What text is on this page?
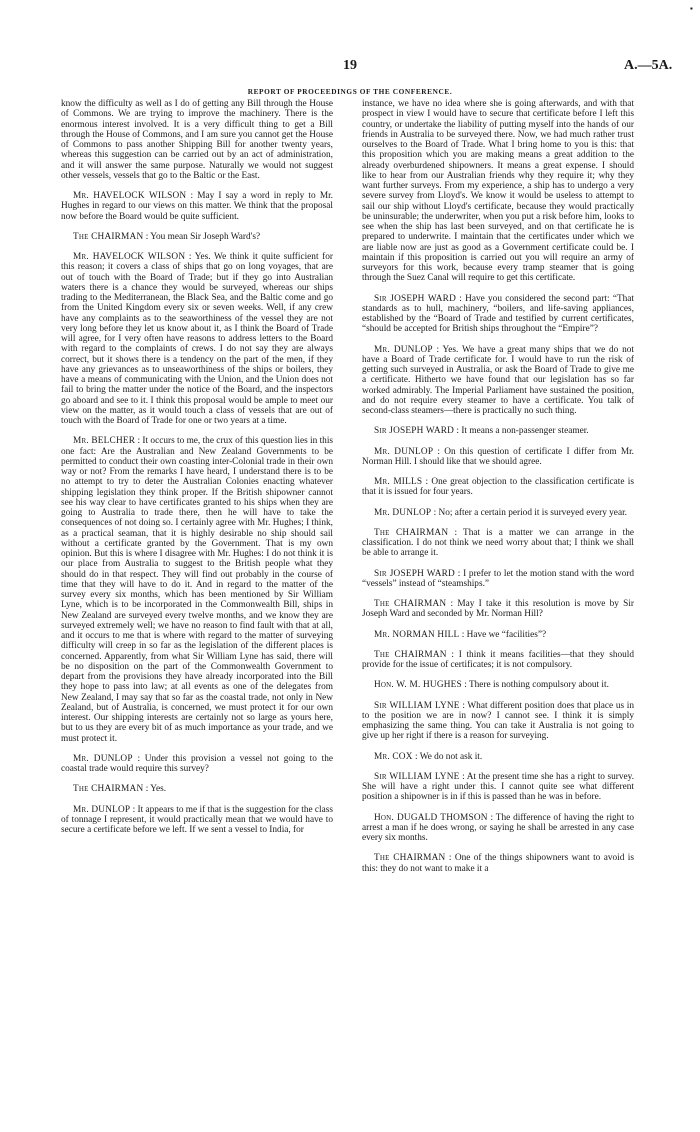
▪
19	A.—5A.
REPORT OF PROCEEDINGS OF THE CONFERENCE.

know the difficulty as well as I do of getting any Bill through the House of Commons. We are trying to improve the machinery. There is the enormous interest involved. It is a very difficult thing to get a Bill through the House of Commons, and I am sure you cannot get the House of Commons to pass another Shipping Bill for another twenty years, whereas this suggestion can be carried out by an act of administration, and it will answer the same purpose. Naturally we would not suggest other vessels, vessels that go to the Baltic or the East.

Mr. HAVELOCK WILSON : May I say a word in reply to Mr. Hughes in regard to our views on this matter. We think that the proposal now before the Board would be quite sufficient.

The CHAIRMAN : You mean Sir Joseph Ward's?

Mr. HAVELOCK WILSON : Yes. We think it quite sufficient for this reason; it covers a class of ships that go on long voyages, that are out of touch with the Board of Trade; but if they go into Australian waters there is a chance they would be surveyed, whereas our ships trading to the Mediterranean, the Black Sea, and the Baltic come and go from the United Kingdom every six or seven weeks. Well, if any crew have any complaints as to the seaworthiness of the vessel they are not very long before they let us know about it, as I think the Board of Trade will agree, for I very often have reasons to address letters to the Board with regard to the complaints of crews. I do not say they are always correct, but it shows there is a tendency on the part of the men, if they have any grievances as to unseaworthiness of the ships or boilers, they have a means of communicating with the Union, and the Union does not fail to bring the matter under the notice of the Board, and the inspectors go aboard and see to it. I think this proposal would be ample to meet our view on the matter, as it would touch a class of vessels that are out of touch with the Board of Trade for one or two years at a time.

Mr. BELCHER : It occurs to me, the crux of this question lies in this one fact: Are the Australian and New Zealand Governments to be permitted to conduct their own coasting inter-Colonial trade in their own way or not? From the remarks I have heard, I understand there is to be no attempt to try to deter the Australian Colonies enacting whatever shipping legislation they think proper. If the British shipowner cannot see his way clear to have certificates granted to his ships when they are going to Australia to trade there, then he will have to take the consequences of not doing so. I certainly agree with Mr. Hughes; I think, as a practical seaman, that it is highly desirable no ship should sail without a certificate granted by the Government. That is my own opinion. But this is where I disagree with Mr. Hughes: I do not think it is our place from Australia to suggest to the British people what they should do in that respect. They will find out probably in the course of time that they will have to do it. And in regard to the matter of the survey every six months, which has been mentioned by Sir William Lyne, which is to be incorporated in the Commonwealth Bill, ships in New Zealand are surveyed every twelve months, and we know they are surveyed extremely well; we have no reason to find fault with that at all, and it occurs to me that is where with regard to the matter of surveying difficulty will creep in so far as the legislation of the different places is concerned. Apparently, from what Sir William Lyne has said, there will be no disposition on the part of the Commonwealth Government to depart from the provisions they have already incorporated into the Bill they hope to pass into law; at all events as one of the delegates from New Zealand, I may say that so far as the coastal trade, not only in New Zealand, but of Australia, is concerned, we must protect it for our own interest. Our shipping interests are certainly not so large as yours here, but to us they are every bit of as much importance as your trade, and we must protect it.

Mr. DUNLOP : Under this provision a vessel not going to the coastal trade would require this survey?

The CHAIRMAN : Yes.

Mr. DUNLOP : It appears to me if that is the suggestion for the class of tonnage I represent, it would practically mean that we would have to secure a certificate before we left. If we sent a vessel to India, for

instance, we have no idea where she is going afterwards, and with that prospect in view I would have to secure that certificate before I left this country, or undertake the liability of putting myself into the hands of our friends in Australia to be surveyed there. Now, we had much rather trust ourselves to the Board of Trade. What I bring home to you is this: that this proposition which you are making means a great addition to the already overburdened shipowners. It means a great expense. I should like to hear from our Australian friends why they require it; why they want further surveys. From my experience, a ship has to undergo a very severe survey from Lloyd's. We know it would be useless to attempt to sail our ship without Lloyd's certificate, because they would practically be uninsurable; the underwriter, when you put a risk before him, looks to see when the ship has last been surveyed, and on that certificate he is prepared to underwrite. I maintain that the certificates under which we are liable now are just as good as a Government certificate could be. I maintain if this proposition is carried out you will require an army of surveyors for this work, because every tramp steamer that is going through the Suez Canal will require to get this certificate.

Sir JOSEPH WARD : Have you considered the second part: “That standards as to hull, machinery, “boilers, and life-saving appliances, established by the “Board of Trade and testified by current certificates, “should be accepted for British ships throughout the “Empire”?

Mr. DUNLOP : Yes. We have a great many ships that we do not have a Board of Trade certificate for. I would have to run the risk of getting such surveyed in Australia, or ask the Board of Trade to give me a certificate. Hitherto we have found that our legislation has so far worked admirably. The Imperial Parliament have sustained the position, and do not require every steamer to have a certificate. You talk of second-class steamers—there is practically no such thing.

Sir JOSEPH WARD : It means a non-passenger steamer.

Mr. DUNLOP : On this question of certificate I differ from Mr. Norman Hill. I should like that we should agree.

Mr. MILLS : One great objection to the classification certificate is that it is issued for four years.

Mr. DUNLOP : No; after a certain period it is surveyed every year.

The CHAIRMAN : That is a matter we can arrange in the classification. I do not think we need worry about that; I think we shall be able to arrange it.

Sir JOSEPH WARD : I prefer to let the motion stand with the word “vessels” instead of “steamships.”

The CHAIRMAN : May I take it this resolution is move by Sir Joseph Ward and seconded by Mr. Norman Hill?

Mr. NORMAN HILL : Have we “facilities”?

The CHAIRMAN : I think it means facilities—that they should provide for the issue of certificates; it is not compulsory.

Hon. W. M. HUGHES : There is nothing compulsory about it.

Sir WILLIAM LYNE : What different position does that place us in to the position we are in now? I cannot see. I think it is simply emphasizing the same thing. You can take it Australia is not going to give up her right if there is a reason for surveying.

Mr. COX : We do not ask it.

Sir WILLIAM LYNE : At the present time she has a right to survey. She will have a right under this. I cannot quite see what different position a shipowner is in if this is passed than he was in before.

Hon. DUGALD THOMSON : The difference of having the right to arrest a man if he does wrong, or saying he shall be arrested in any case every six months.

The CHAIRMAN : One of the things shipowners want to avoid is this: they do not want to make it a
